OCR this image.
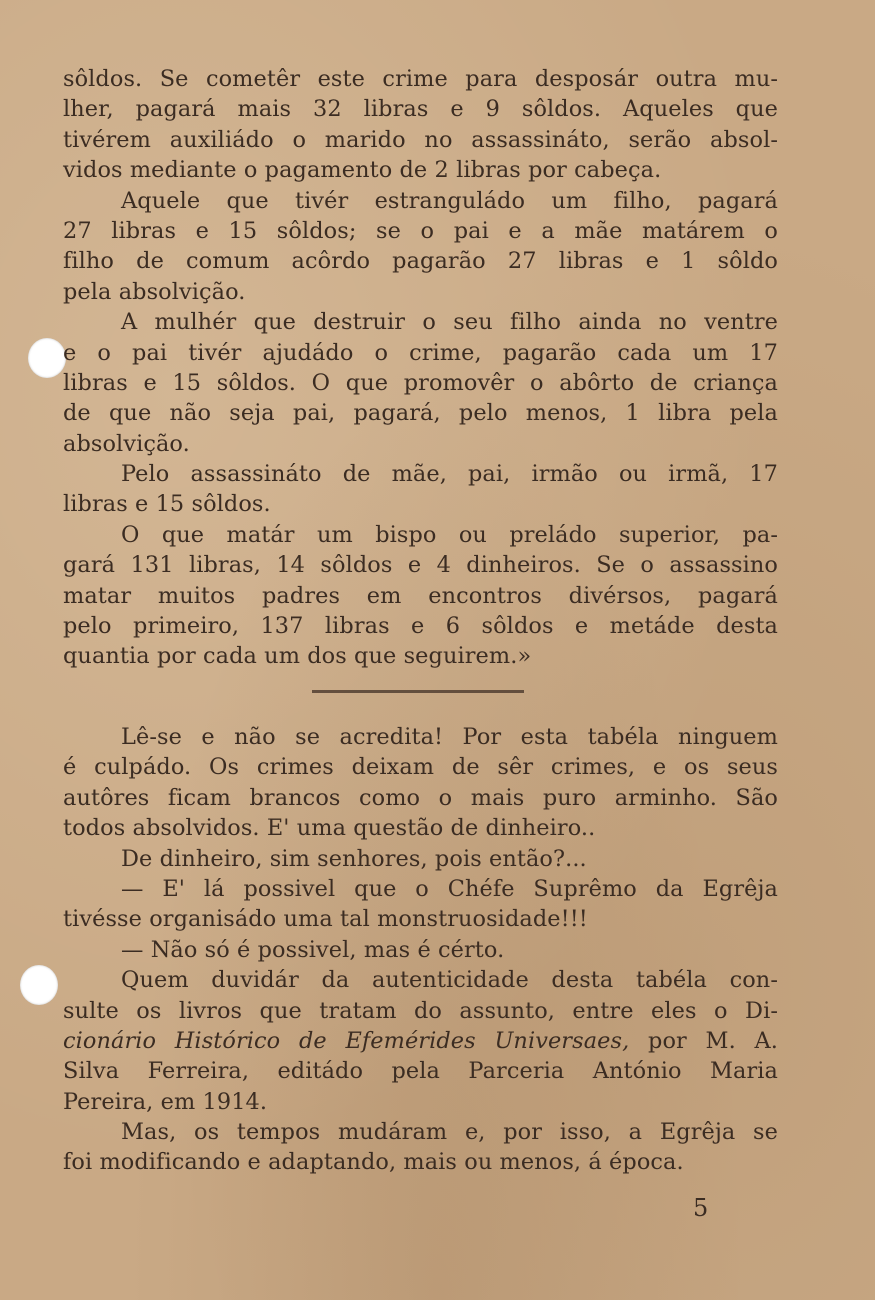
sôldos. Se cometêr este crime para desposár outra mu-
lher, pagará mais 32 libras e 9 sôldos. Aqueles que
tivérem auxiliádo o marido no assassináto, serão absol-
vidos mediante o pagamento de 2 libras por cabeça.
Aquele que tivér estranguládo um filho, pagará
27 libras e 15 sôldos; se o pai e a mãe matárem o
filho de comum acôrdo pagarão 27 libras e 1 sôldo
pela absolvição.
A mulhér que destruir o seu filho ainda no ventre
e o pai tivér ajudádo o crime, pagarão cada um 17
libras e 15 sôldos. O que promovêr o abôrto de criança
de que não seja pai, pagará, pelo menos, 1 libra pela
absolvição.
Pelo assassináto de mãe, pai, irmão ou irmã, 17
libras e 15 sôldos.
O que matár um bispo ou preládo superior, pa-
gará 131 libras, 14 sôldos e 4 dinheiros. Se o assassino
matar muitos padres em encontros divérsos, pagará
pelo primeiro, 137 libras e 6 sôldos e metáde desta
quantia por cada um dos que seguirem.»
Lê-se e não se acredita! Por esta tabéla ninguem
é culpádo. Os crimes deixam de sêr crimes, e os seus
autôres ficam brancos como o mais puro arminho. São
todos absolvidos. E' uma questão de dinheiro..
De dinheiro, sim senhores, pois então?...
— E' lá possivel que o Chéfe Suprêmo da Egrêja
tivésse organisádo uma tal monstruosidade!!!
— Não só é possivel, mas é cérto.
Quem duvidár da autenticidade desta tabéla con-
sulte os livros que tratam do assunto, entre eles o Di-
cionário Histórico de Efemérides Universaes, por M. A.
Silva Ferreira, editádo pela Parceria António Maria
Pereira, em 1914.
Mas, os tempos mudáram e, por isso, a Egrêja se
foi modificando e adaptando, mais ou menos, á época.
5
